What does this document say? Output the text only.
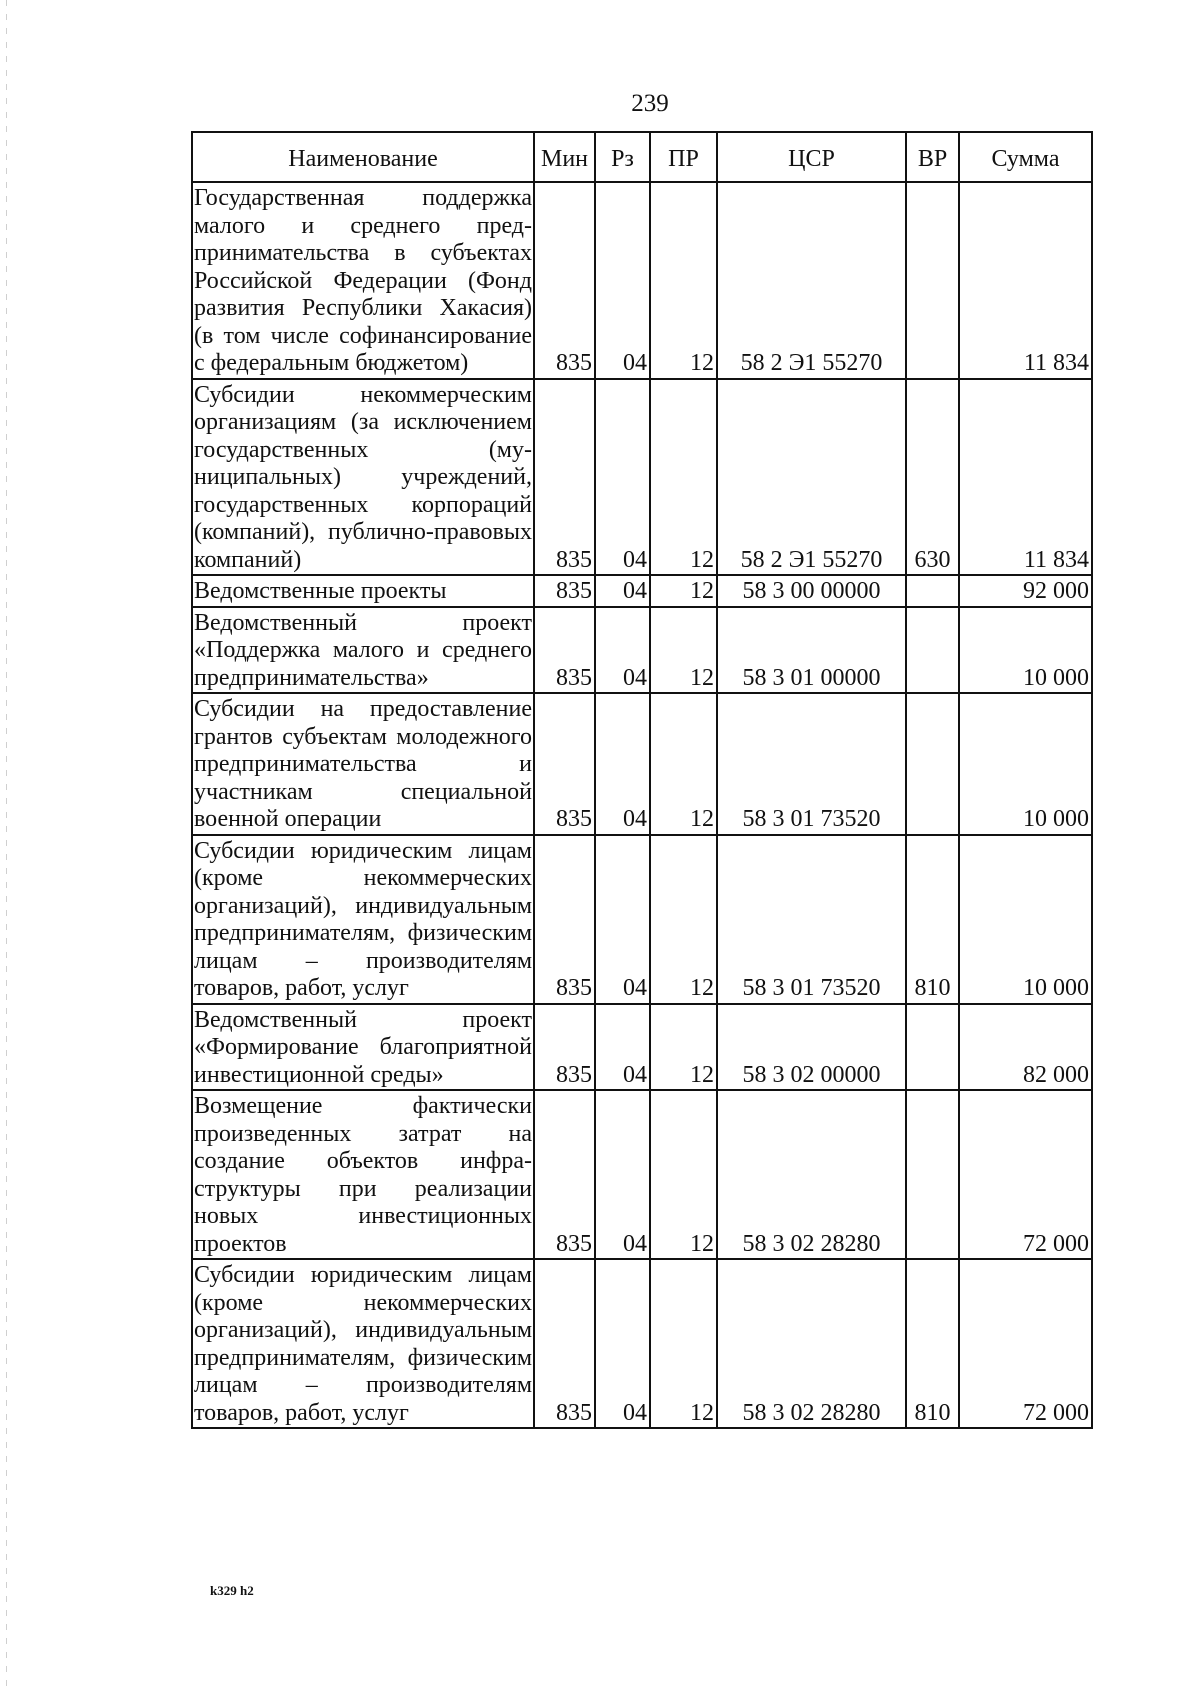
239
Наименование	Мин	Рз	ПР	ЦСР	ВР	Сумма
Государственная поддержка малого и среднего предпринимательства в субъектах Российской Федерации (Фонд развития Республики Хакасия) (в том числе софинансирование с федеральным бюджетом)	835	04	12	58 2 Э1 55270		11 834
Субсидии некоммерческим организациям (за исключением государственных (муниципальных) учреждений, государственных корпораций (компаний), публично-правовых компаний)	835	04	12	58 2 Э1 55270	630	11 834
Ведомственные проекты	835	04	12	58 3 00 00000		92 000
Ведомственный проект «Поддержка малого и среднего предпринимательства»	835	04	12	58 3 01 00000		10 000
Субсидии на предоставление грантов субъектам молодежного предпринимательства и участникам специальной военной операции	835	04	12	58 3 01 73520		10 000
Субсидии юридическим лицам (кроме некоммерческих организаций), индивидуальным предпринимателям, физическим лицам – производителям товаров, работ, услуг	835	04	12	58 3 01 73520	810	10 000
Ведомственный проект «Формирование благоприятной инвестиционной среды»	835	04	12	58 3 02 00000		82 000
Возмещение фактически произведенных затрат на создание объектов инфраструктуры при реализации новых инвестиционных проектов	835	04	12	58 3 02 28280		72 000
Субсидии юридическим лицам (кроме некоммерческих организаций), индивидуальным предпринимателям, физическим лицам – производителям товаров, работ, услуг	835	04	12	58 3 02 28280	810	72 000
k329 h2
